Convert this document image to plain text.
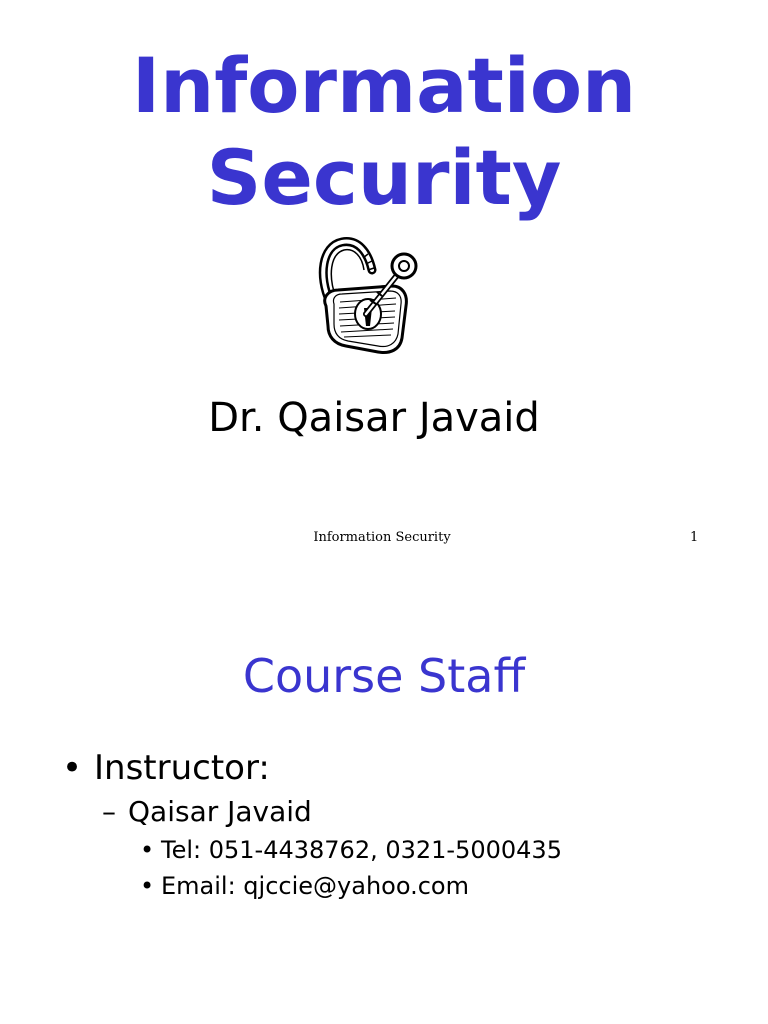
Information
Security
Dr. Qaisar Javaid
Information Security	1
Course Staff
• Instructor:
– Qaisar Javaid
• Tel: 051-4438762, 0321-5000435
• Email: qjccie@yahoo.com
